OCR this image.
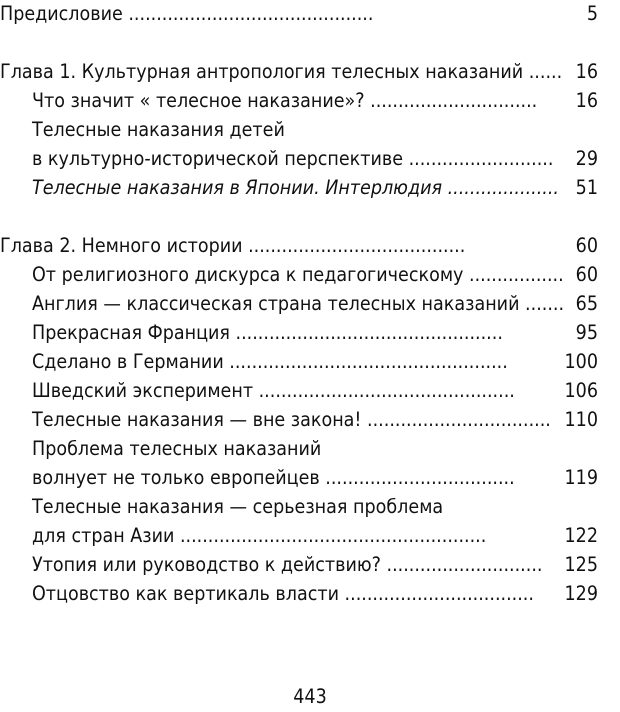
Предисловие ............................................	5
Глава 1. Культурная антропология телесных наказаний ...... 16
Что значит « телесное наказание»? .............................. 16
Телесные наказания детей
в культурно-исторической перспективе .......................... 29
Телесные наказания в Японии. Интерлюдия .................... 51
Глава 2. Немного истории .......................................	60
От религиозного дискурса к педагогическому ................. 60
Англия — классическая страна телесных наказаний ....... 65
Прекрасная Франция ................................................	95
Сделано в Германии ..................................................	100
Шведский эксперимент ..............................................	106
Телесные наказания — вне закона! ................................. 110
Проблема телесных наказаний
волнует не только европейцев ..................................	119
Телесные наказания — серьезная проблема
для стран Азии .......................................................	122
Утопия или руководство к действию? ............................ 125
Отцовство как вертикаль власти .................................. 129
443
